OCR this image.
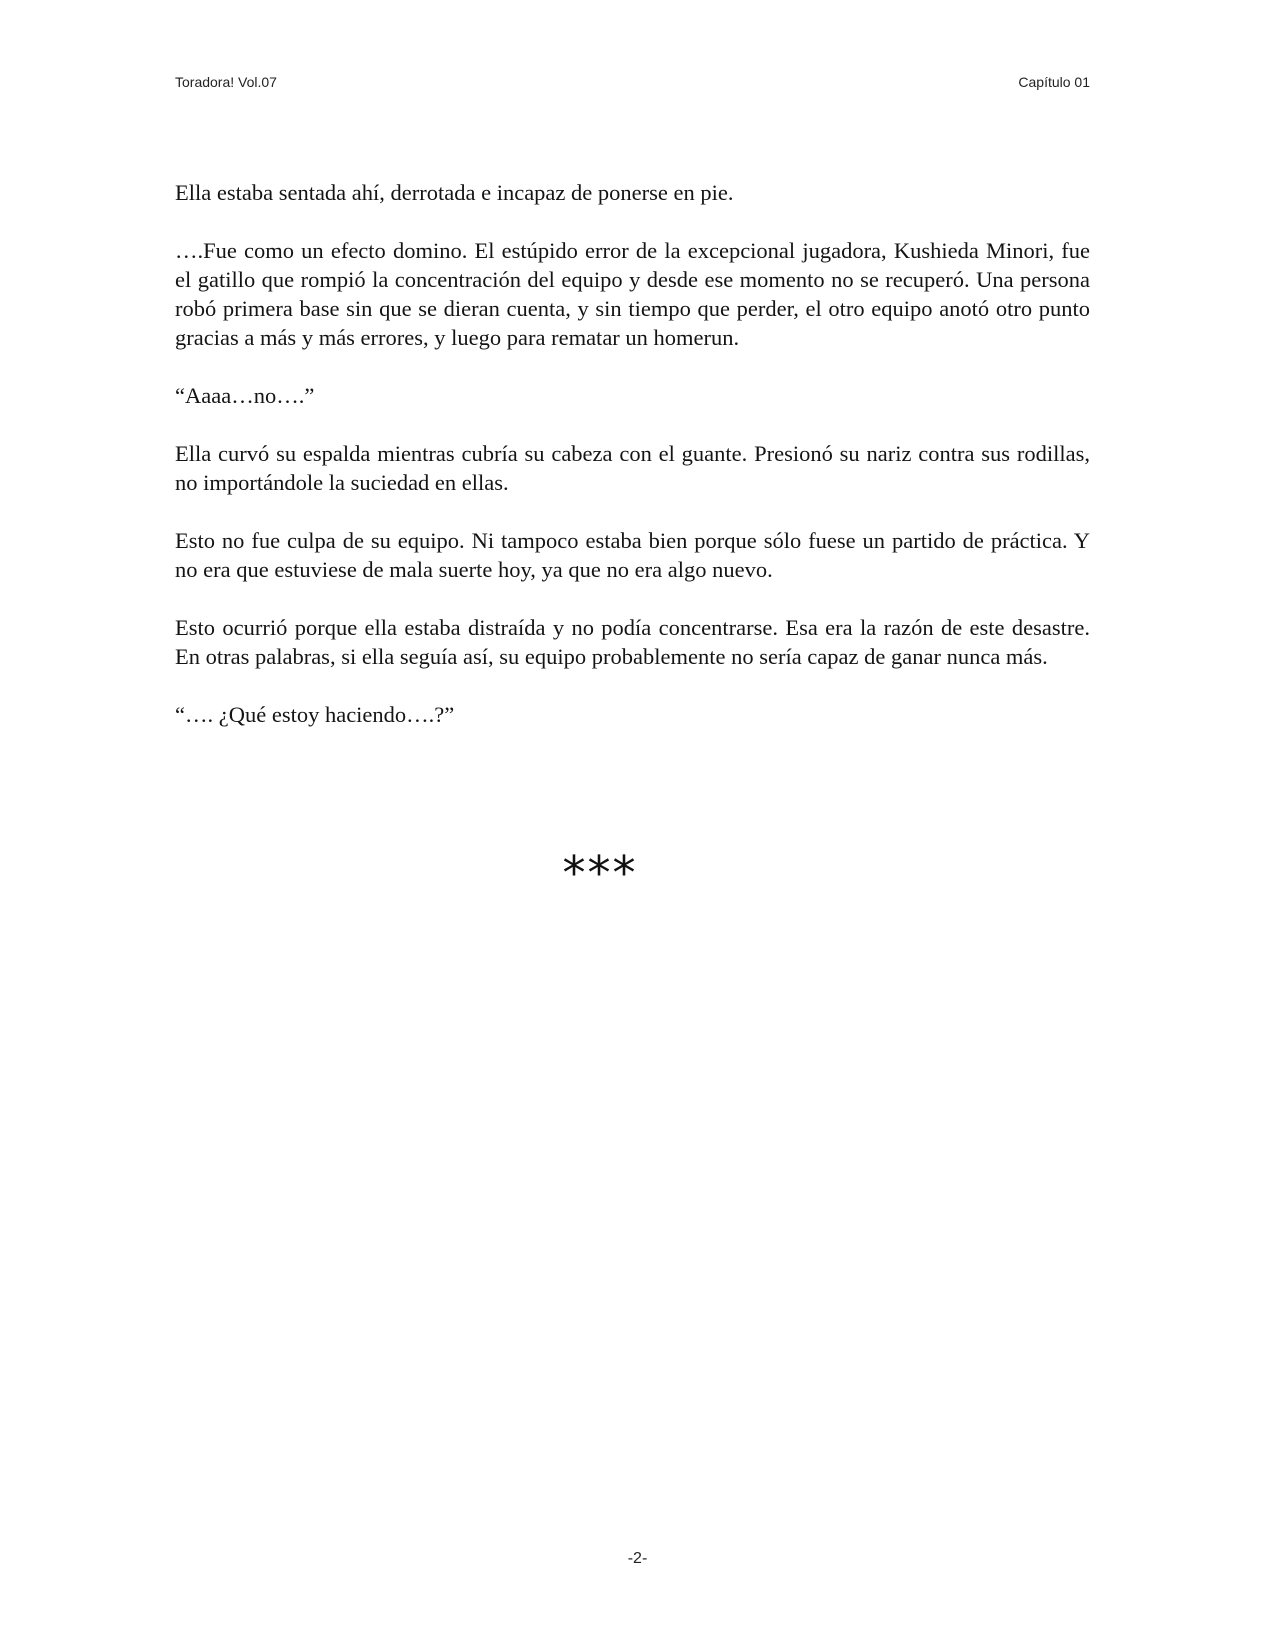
Toradora! Vol.07	Capítulo 01

Ella estaba sentada ahí, derrotada e incapaz de ponerse en pie.

….Fue como un efecto domino. El estúpido error de la excepcional jugadora, Kushieda Minori, fue el gatillo que rompió la concentración del equipo y desde ese momento no se recuperó. Una persona robó primera base sin que se dieran cuenta, y sin tiempo que perder, el otro equipo anotó otro punto gracias a más y más errores, y luego para rematar un homerun.

“Aaaa…no….”

Ella curvó su espalda mientras cubría su cabeza con el guante. Presionó su nariz contra sus rodillas, no importándole la suciedad en ellas.

Esto no fue culpa de su equipo. Ni tampoco estaba bien porque sólo fuese un partido de práctica. Y no era que estuviese de mala suerte hoy, ya que no era algo nuevo.

Esto ocurrió porque ella estaba distraída y no podía concentrarse. Esa era la razón de este desastre. En otras palabras, si ella seguía así, su equipo probablemente no sería capaz de ganar nunca más.

“…. ¿Qué estoy haciendo….?”

***
-2-
